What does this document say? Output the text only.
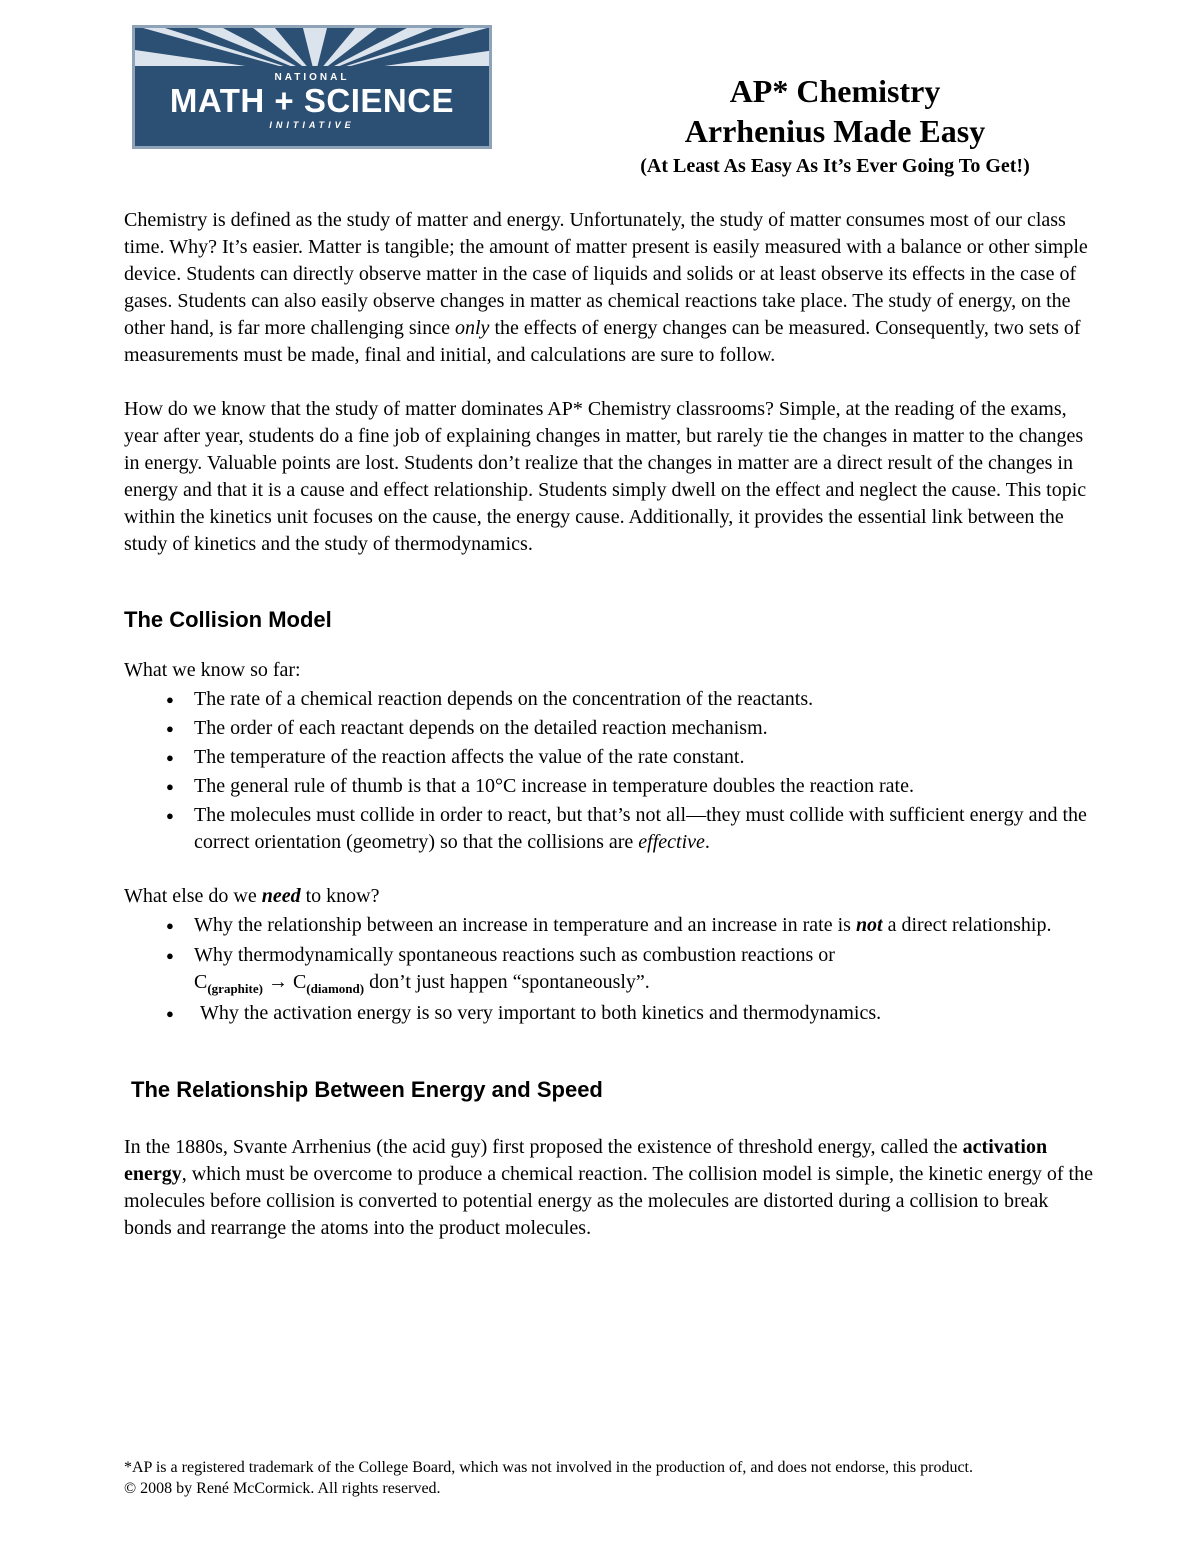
NATIONAL
MATH + SCIENCE
INITIATIVE
AP* Chemistry
Arrhenius Made Easy
(At Least As Easy As It’s Ever Going To Get!)

Chemistry is defined as the study of matter and energy. Unfortunately, the study of matter consumes most of our class time. Why? It’s easier. Matter is tangible; the amount of matter present is easily measured with a balance or other simple device. Students can directly observe matter in the case of liquids and solids or at least observe its effects in the case of gases. Students can also easily observe changes in matter as chemical reactions take place. The study of energy, on the other hand, is far more challenging since only the effects of energy changes can be measured. Consequently, two sets of measurements must be made, final and initial, and calculations are sure to follow.

How do we know that the study of matter dominates AP* Chemistry classrooms? Simple, at the reading of the exams, year after year, students do a fine job of explaining changes in matter, but rarely tie the changes in matter to the changes in energy. Valuable points are lost. Students don’t realize that the changes in matter are a direct result of the changes in energy and that it is a cause and effect relationship. Students simply dwell on the effect and neglect the cause. This topic within the kinetics unit focuses on the cause, the energy cause. Additionally, it provides the essential link between the study of kinetics and the study of thermodynamics.

The Collision Model

What we know so far:

● The rate of a chemical reaction depends on the concentration of the reactants.
● The order of each reactant depends on the detailed reaction mechanism.
● The temperature of the reaction affects the value of the rate constant.
● The general rule of thumb is that a 10°C increase in temperature doubles the reaction rate.
● The molecules must collide in order to react, but that’s not all—they must collide with sufficient energy and the correct orientation (geometry) so that the collisions are effective.

What else do we need to know?

● Why the relationship between an increase in temperature and an increase in rate is not a direct relationship.
● Why thermodynamically spontaneous reactions such as combustion reactions or
$C_{(graphite)} \to C_{(diamond)}$ don’t just happen “spontaneously”.
● Why the activation energy is so very important to both kinetics and thermodynamics.
The Relationship Between Energy and Speed

In the 1880s, Svante Arrhenius (the acid guy) first proposed the existence of threshold energy, called the activation energy, which must be overcome to produce a chemical reaction. The collision model is simple, the kinetic energy of the molecules before collision is converted to potential energy as the molecules are distorted during a collision to break bonds and rearrange the atoms into the product molecules.

*AP is a registered trademark of the College Board, which was not involved in the production of, and does not endorse, this product.
© 2008 by René McCormick. All rights reserved.
